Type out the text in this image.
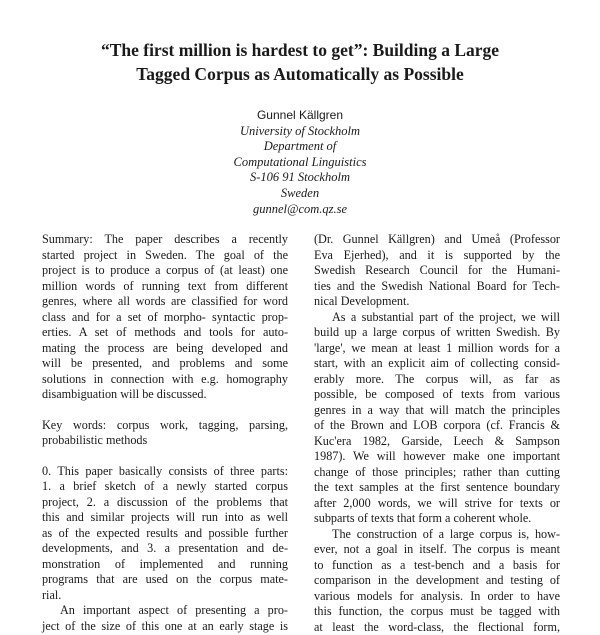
“The first million is hardest to get”: Building a Large
Tagged Corpus as Automatically as Possible
Gunnel Källgren
University of Stockholm
Department of
Computational Linguistics
S-106 91 Stockholm
Sweden
gunnel@com.qz.se
Summary: The paper describes a recently
started project in Sweden. The goal of the
project is to produce a corpus of (at least) one
million words of running text from different
genres, where all words are classified for word
class and for a set of morpho- syntactic prop-
erties. A set of methods and tools for auto-
mating the process are being developed and
will be presented, and problems and some
solutions in connection with e.g. homography
disambiguation will be discussed.
Key words: corpus work, tagging, parsing,
probabilistic methods
0. This paper basically consists of three parts:
1. a brief sketch of a newly started corpus
project, 2. a discussion of the problems that
this and similar projects will run into as well
as of the expected results and possible further
developments, and 3. a presentation and de-
monstration of implemented and running
programs that are used on the corpus mate-
rial.
An important aspect of presenting a pro-
ject of the size of this one at an early stage is
(Dr. Gunnel Källgren) and Umeå (Professor
Eva Ejerhed), and it is supported by the
Swedish Research Council for the Humani-
ties and the Swedish National Board for Tech-
nical Development.
As a substantial part of the project, we will
build up a large corpus of written Swedish. By
'large', we mean at least 1 million words for a
start, with an explicit aim of collecting consid-
erably more. The corpus will, as far as
possible, be composed of texts from various
genres in a way that will match the principles
of the Brown and LOB corpora (cf. Francis &
Kuc'era 1982, Garside, Leech & Sampson
1987). We will however make one important
change of those principles; rather than cutting
the text samples at the first sentence boundary
after 2,000 words, we will strive for texts or
subparts of texts that form a coherent whole.
The construction of a large corpus is, how-
ever, not a goal in itself. The corpus is meant
to function as a test-bench and a basis for
comparison in the development and testing of
various models for analysis. In order to have
this function, the corpus must be tagged with
at least the word-class, the flectional form,
